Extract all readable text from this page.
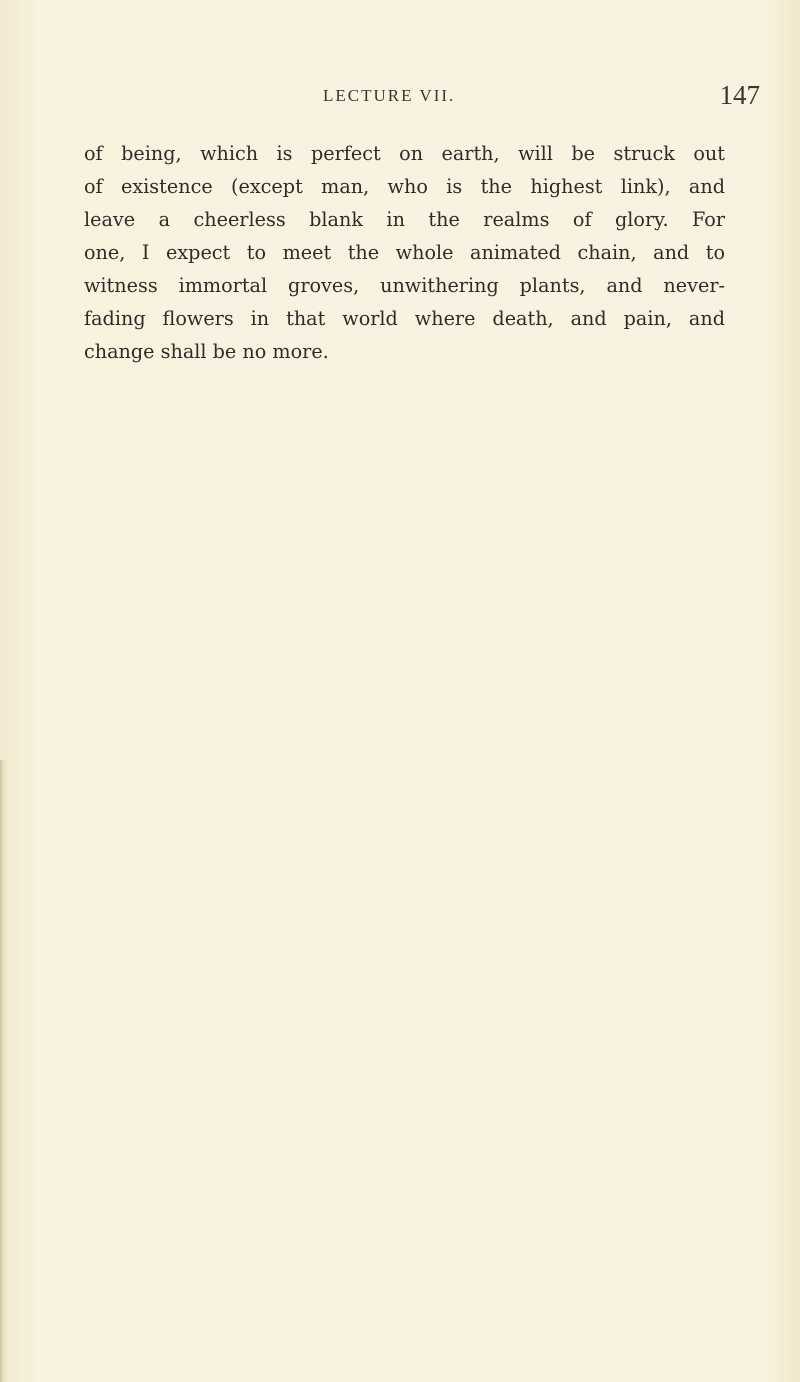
LECTURE VII.	147
of being, which is perfect on earth, will be struck out
of existence (except man, who is the highest link), and
leave a cheerless blank in the realms of glory. For
one, I expect to meet the whole animated chain, and to
witness immortal groves, unwithering plants, and never-
fading flowers in that world where death, and pain, and
change shall be no more.
